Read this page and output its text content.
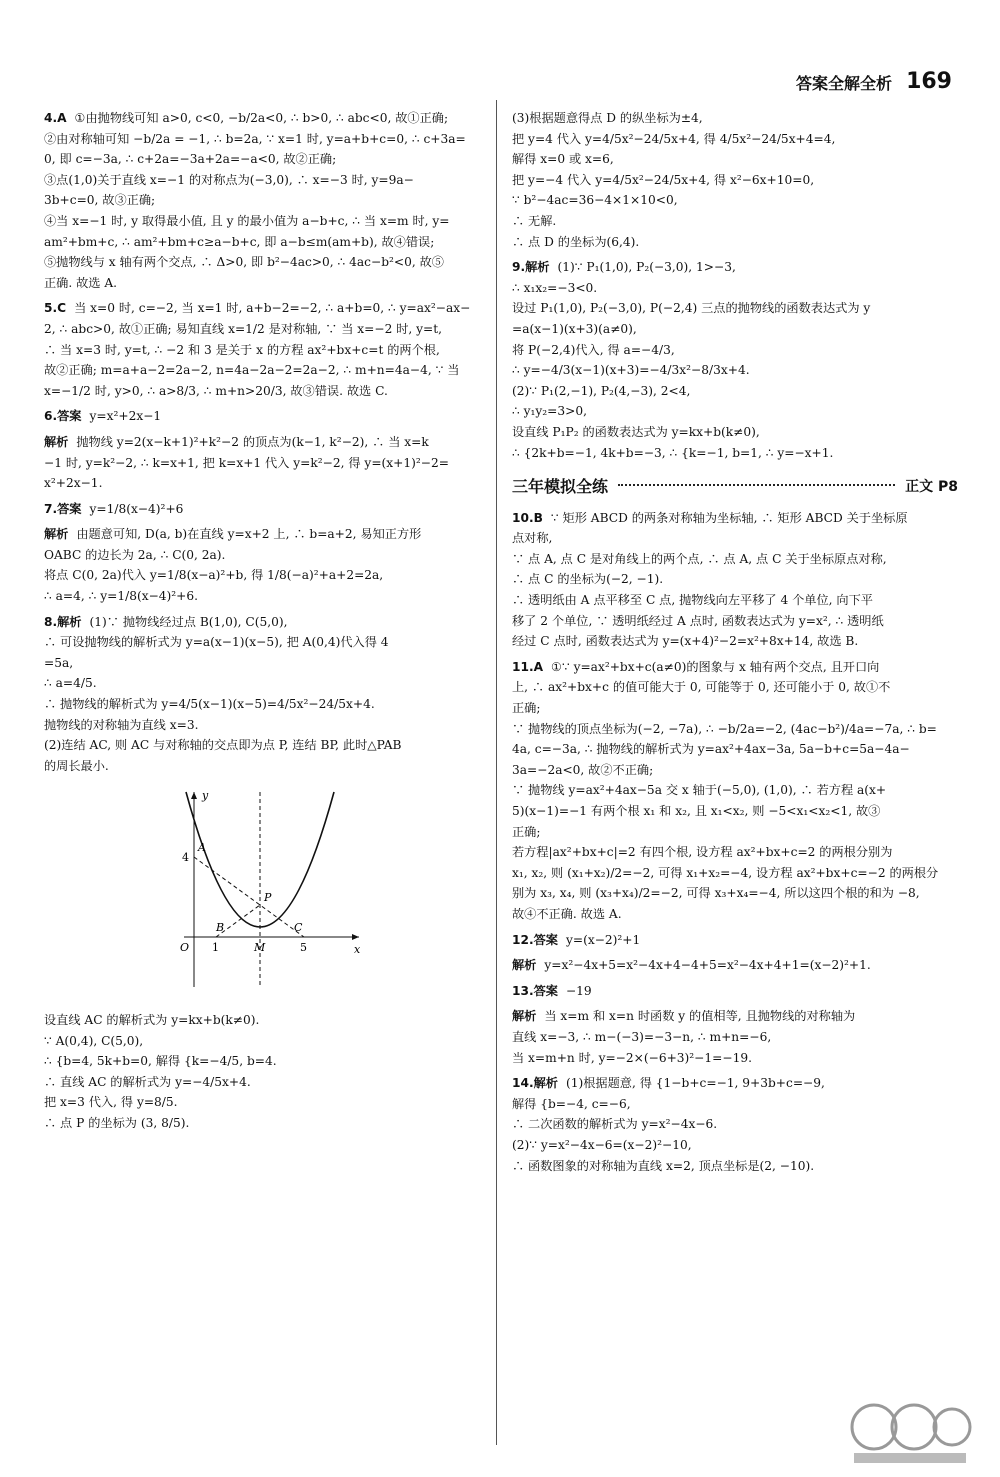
答案全解全析 169
4.A ①由抛物线可知 a>0, c<0, −b/2a<0, ∴ b>0, ∴ abc<0, 故①正确;
②由对称轴可知 −b/2a = −1, ∴ b=2a, ∵ x=1 时, y=a+b+c=0, ∴ c+3a=
0, 即 c=−3a, ∴ c+2a=−3a+2a=−a<0, 故②正确;
③点(1,0)关于直线 x=−1 的对称点为(−3,0), ∴ x=−3 时, y=9a−
3b+c=0, 故③正确;
④当 x=−1 时, y 取得最小值, 且 y 的最小值为 a−b+c, ∴ 当 x=m 时, y=
am²+bm+c, ∴ am²+bm+c≥a−b+c, 即 a−b≤m(am+b), 故④错误;
⑤抛物线与 x 轴有两个交点, ∴ Δ>0, 即 b²−4ac>0, ∴ 4ac−b²<0, 故⑤
正确. 故选 A.
5.C 当 x=0 时, c=−2, 当 x=1 时, a+b−2=−2, ∴ a+b=0, ∴ y=ax²−ax−
2, ∴ abc>0, 故①正确; 易知直线 x=1/2 是对称轴, ∵ 当 x=−2 时, y=t,
∴ 当 x=3 时, y=t, ∴ −2 和 3 是关于 x 的方程 ax²+bx+c=t 的两个根,
故②正确; m=a+a−2=2a−2, n=4a−2a−2=2a−2, ∴ m+n=4a−4, ∵ 当
x=−1/2 时, y>0, ∴ a>8/3, ∴ m+n>20/3, 故③错误. 故选 C.
6.答案 y=x²+2x−1
解析 抛物线 y=2(x−k+1)²+k²−2 的顶点为(k−1, k²−2), ∴ 当 x=k
−1 时, y=k²−2, ∴ k=x+1, 把 k=x+1 代入 y=k²−2, 得 y=(x+1)²−2=
x²+2x−1.
7.答案 y=1/8(x−4)²+6
解析 由题意可知, D(a, b)在直线 y=x+2 上, ∴ b=a+2, 易知正方形
OABC 的边长为 2a, ∴ C(0, 2a).
将点 C(0, 2a)代入 y=1/8(x−a)²+b, 得 1/8(−a)²+a+2=2a,
∴ a=4, ∴ y=1/8(x−4)²+6.
8.解析 (1)∵ 抛物线经过点 B(1,0), C(5,0),
∴ 可设抛物线的解析式为 y=a(x−1)(x−5), 把 A(0,4)代入得 4
=5a,
∴ a=4/5.
∴ 抛物线的解析式为 y=4/5(x−1)(x−5)=4/5x²−24/5x+4.
抛物线的对称轴为直线 x=3.
(2)连结 AC, 则 AC 与对称轴的交点即为点 P, 连结 BP, 此时△PAB
的周长最小.
y
x
O 1	5
4
A
B	C
P
M
设直线 AC 的解析式为 y=kx+b(k≠0).
∵ A(0,4), C(5,0),
∴ {b=4, 5k+b=0, 解得 {k=−4/5, b=4.
∴ 直线 AC 的解析式为 y=−4/5x+4.
把 x=3 代入, 得 y=8/5.
∴ 点 P 的坐标为 (3, 8/5).
(3)根据题意得点 D 的纵坐标为±4,
把 y=4 代入 y=4/5x²−24/5x+4, 得 4/5x²−24/5x+4=4,
解得 x=0 或 x=6,
把 y=−4 代入 y=4/5x²−24/5x+4, 得 x²−6x+10=0,
∵ b²−4ac=36−4×1×10<0,
∴ 无解.
∴ 点 D 的坐标为(6,4).
9.解析 (1)∵ P₁(1,0), P₂(−3,0), 1>−3,
∴ x₁x₂=−3<0.
设过 P₁(1,0), P₂(−3,0), P(−2,4) 三点的抛物线的函数表达式为 y
=a(x−1)(x+3)(a≠0),
将 P(−2,4)代入, 得 a=−4/3,
∴ y=−4/3(x−1)(x+3)=−4/3x²−8/3x+4.
(2)∵ P₁(2,−1), P₂(4,−3), 2<4,
∴ y₁y₂=3>0,
设直线 P₁P₂ 的函数表达式为 y=kx+b(k≠0),
∴ {2k+b=−1, 4k+b=−3, ∴ {k=−1, b=1, ∴ y=−x+1.
三年模拟全练	正文 P8
10.B ∵ 矩形 ABCD 的两条对称轴为坐标轴, ∴ 矩形 ABCD 关于坐标原
点对称,
∵ 点 A, 点 C 是对角线上的两个点, ∴ 点 A, 点 C 关于坐标原点对称,
∴ 点 C 的坐标为(−2, −1).
∴ 透明纸由 A 点平移至 C 点, 抛物线向左平移了 4 个单位, 向下平
移了 2 个单位, ∵ 透明纸经过 A 点时, 函数表达式为 y=x², ∴ 透明纸
经过 C 点时, 函数表达式为 y=(x+4)²−2=x²+8x+14, 故选 B.
11.A ①∵ y=ax²+bx+c(a≠0)的图象与 x 轴有两个交点, 且开口向
上, ∴ ax²+bx+c 的值可能大于 0, 可能等于 0, 还可能小于 0, 故①不
正确;
∵ 抛物线的顶点坐标为(−2, −7a), ∴ −b/2a=−2, (4ac−b²)/4a=−7a, ∴ b=
4a, c=−3a, ∴ 抛物线的解析式为 y=ax²+4ax−3a, 5a−b+c=5a−4a−
3a=−2a<0, 故②不正确;
∵ 抛物线 y=ax²+4ax−5a 交 x 轴于(−5,0), (1,0), ∴ 若方程 a(x+
5)(x−1)=−1 有两个根 x₁ 和 x₂, 且 x₁<x₂, 则 −5<x₁<x₂<1, 故③
正确;
若方程|ax²+bx+c|=2 有四个根, 设方程 ax²+bx+c=2 的两根分别为
x₁, x₂, 则 (x₁+x₂)/2=−2, 可得 x₁+x₂=−4, 设方程 ax²+bx+c=−2 的两根分
别为 x₃, x₄, 则 (x₃+x₄)/2=−2, 可得 x₃+x₄=−4, 所以这四个根的和为 −8,
故④不正确. 故选 A.
12.答案 y=(x−2)²+1
解析 y=x²−4x+5=x²−4x+4−4+5=x²−4x+4+1=(x−2)²+1.
13.答案 −19
解析 当 x=m 和 x=n 时函数 y 的值相等, 且抛物线的对称轴为
直线 x=−3, ∴ m−(−3)=−3−n, ∴ m+n=−6,
当 x=m+n 时, y=−2×(−6+3)²−1=−19.
14.解析 (1)根据题意, 得 {1−b+c=−1, 9+3b+c=−9,
解得 {b=−4, c=−6,
∴ 二次函数的解析式为 y=x²−4x−6.
(2)∵ y=x²−4x−6=(x−2)²−10,
∴ 函数图象的对称轴为直线 x=2, 顶点坐标是(2, −10).
